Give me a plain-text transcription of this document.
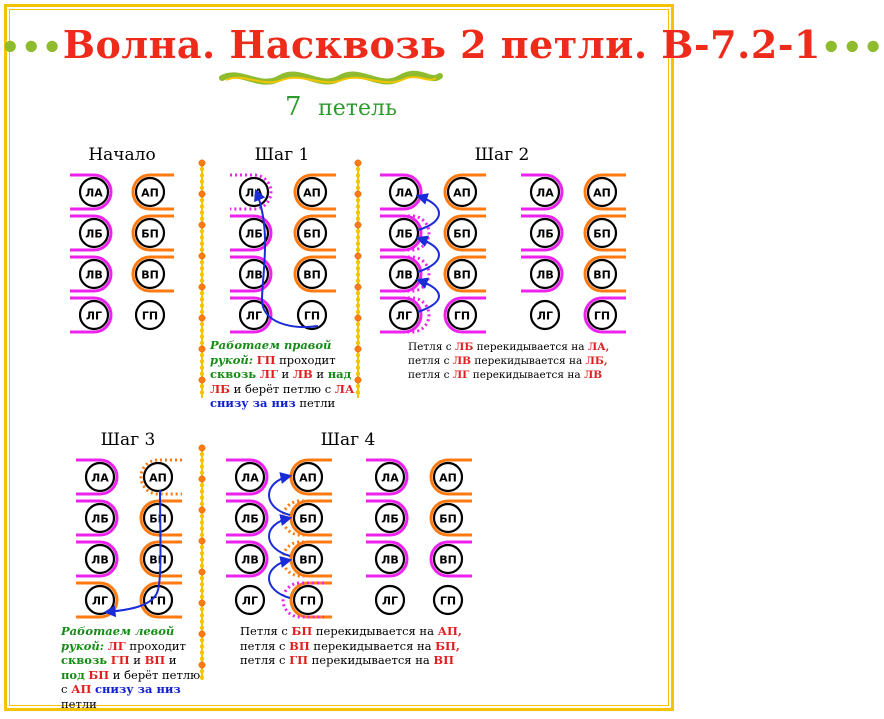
•••Волна. Насквозь 2 петли. В-7.2-1•••
7 петель
Начало	Шаг 1	Шаг 2
Шаг 3	Шаг 4
ЛА	АП
ЛБ	БП
ЛВ	ВП
ЛГ	ГП
ЛА	АП
ЛБ	БП
ЛВ	ВП
ЛГ	ГП
ЛА	АП
ЛБ	БП
ЛВ	ВП
ЛГ	ГП
ЛА	АП
ЛБ	БП
ЛВ	ВП
ЛГ	ГП
ЛА	АП
ЛБ	БП
ЛВ	ВП
ЛГ	ГП
ЛА	АП
ЛБ	БП
ЛВ	ВП
ЛГ	ГП
ЛА	АП
ЛБ	БП
ЛВ	ВП
ЛГ	ГП
Работаем правой рукой: ГП проходит сквозь ЛГ и ЛВ и над ЛБ и берёт петлю с ЛА снизу за низ петли
Петля с ЛБ перекидывается на ЛА,
петля с ЛВ перекидывается на ЛБ,
петля с ЛГ перекидывается на ЛВ
Работаем левой рукой: ЛГ проходит сквозь ГП и ВП и под БП и берёт петлю с АП снизу за низ петли
Петля с БП перекидывается на АП,
петля с ВП перекидывается на БП,
петля с ГП перекидывается на ВП
